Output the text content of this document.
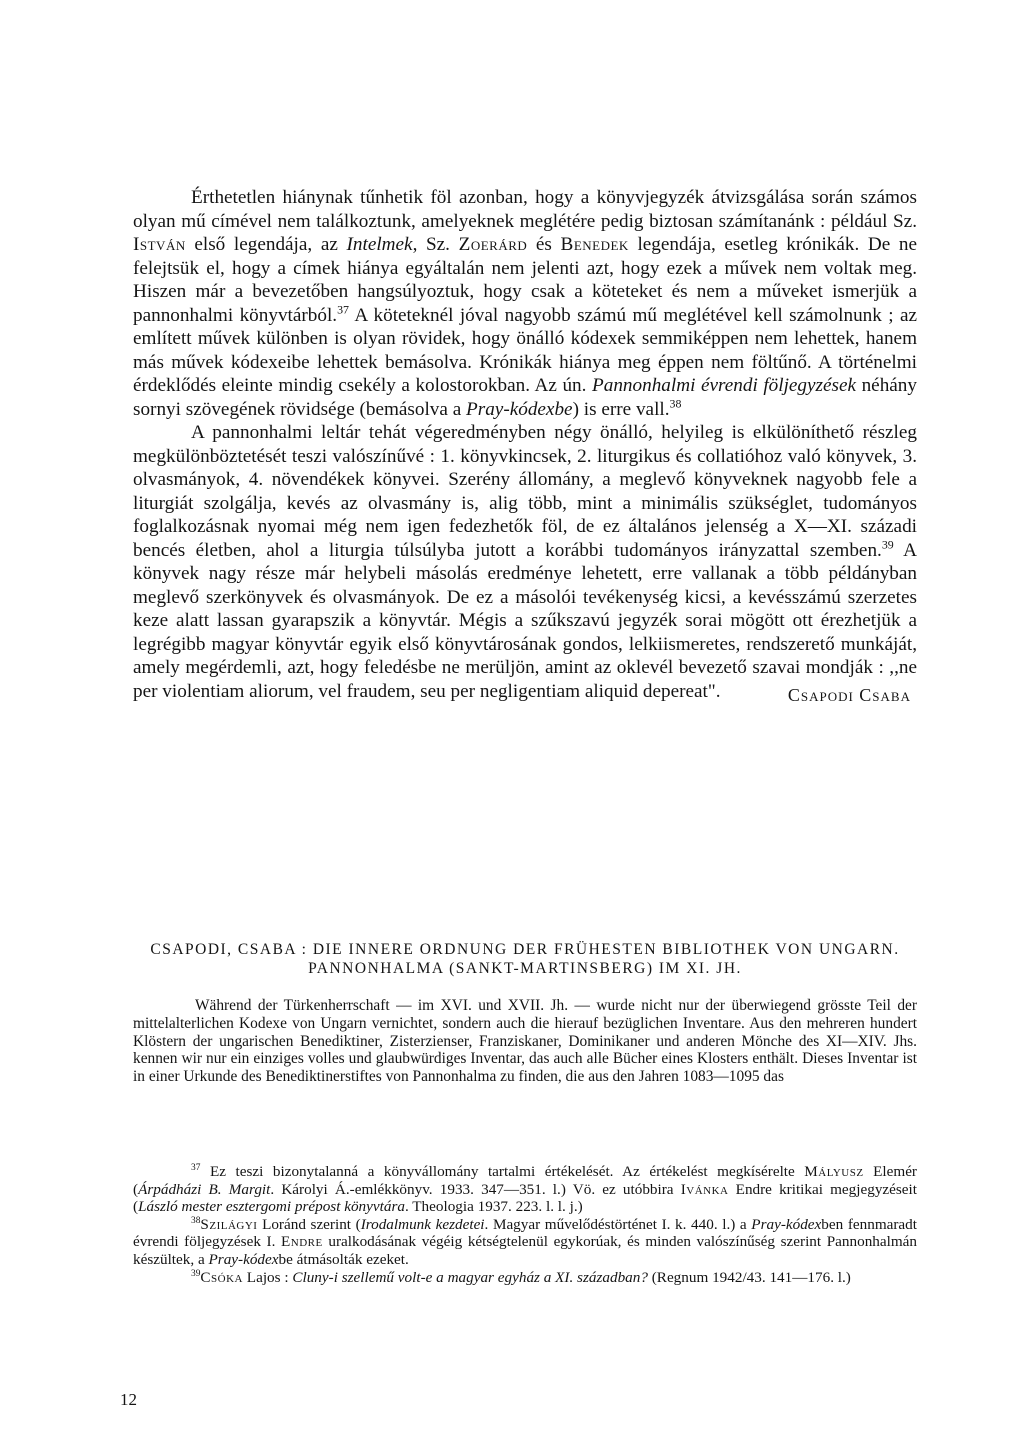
Érthetetlen hiánynak tűnhetik föl azonban, hogy a könyvjegyzék átvizsgálása során számos olyan mű címével nem találkoztunk, amelyeknek meglétére pedig biztosan számítanánk : például Sz. István első legendája, az Intelmek, Sz. Zoerárd és Benedek legendája, esetleg krónikák. De ne felejtsük el, hogy a címek hiánya egyáltalán nem jelenti azt, hogy ezek a művek nem voltak meg. Hiszen már a bevezetőben hangsúlyoztuk, hogy csak a köteteket és nem a műveket ismerjük a pannonhalmi könyvtárból.$^{37}$ A köteteknél jóval nagyobb számú mű meglétével kell számolnunk ; az említett művek különben is olyan rövidek, hogy önálló kódexek semmiképpen nem lehettek, hanem más művek kódexeibe lehettek bemásolva. Krónikák hiánya meg éppen nem föltűnő. A történelmi érdeklődés eleinte mindig csekély a kolostorokban. Az ún. Pannonhalmi évrendi följegyzések néhány sornyi szövegének rövidsége (bemásolva a Pray-kódexbe) is erre vall.$^{38}$

A pannonhalmi leltár tehát végeredményben négy önálló, helyileg is elkülöníthető részleg megkülönböztetését teszi valószínűvé : 1. könyvkincsek, 2. liturgikus és collatióhoz való könyvek, 3. olvasmányok, 4. növendékek könyvei. Szerény állomány, a meglevő könyveknek nagyobb fele a liturgiát szolgálja, kevés az olvasmány is, alig több, mint a minimális szükséglet, tudományos foglalkozásnak nyomai még nem igen fedezhetők föl, de ez általános jelenség a X—XI. századi bencés életben, ahol a liturgia túlsúlyba jutott a korábbi tudományos irányzattal szemben.$^{39}$ A könyvek nagy része már helybeli másolás eredménye lehetett, erre vallanak a több példányban meglevő szerkönyvek és olvasmányok. De ez a másolói tevékenység kicsi, a kevésszámú szerzetes keze alatt lassan gyarapszik a könyvtár. Mégis a szűkszavú jegyzék sorai mögött ott érezhetjük a legrégibb magyar könyvtár egyik első könyvtárosának gondos, lelkiismeretes, rendszerető munkáját, amely megérdemli, azt, hogy feledésbe ne merüljön, amint az oklevél bevezető szavai mondják : ,,ne per violentiam aliorum, vel fraudem, seu per negligentiam aliquid depereat".	Csapodi Csaba
CSAPODI, CSABA : DIE INNERE ORDNUNG DER FRÜHESTEN BIBLIOTHEK VON UNGARN. PANNONHALMA (SANKT-MARTINSBERG) IM XI. JH.

Während der Türkenherrschaft — im XVI. und XVII. Jh. — wurde nicht nur der überwiegend grösste Teil der mittelalterlichen Kodexe von Ungarn vernichtet, sondern auch die hierauf bezüglichen Inventare. Aus den mehreren hundert Klöstern der ungarischen Benediktiner, Zisterzienser, Franziskaner, Dominikaner und anderen Mönche des XI—XIV. Jhs. kennen wir nur ein einziges volles und glaubwürdiges Inventar, das auch alle Bücher eines Klosters enthält. Dieses Inventar ist in einer Urkunde des Benediktinerstiftes von Pannonhalma zu finden, die aus den Jahren 1083—1095 das

$^{37}$ Ez teszi bizonytalanná a könyvállomány tartalmi értékelését. Az értékelést megkísérelte Mályusz Elemér (Árpádházi B. Margit. Károlyi Á.-emlékkönyv. 1933. 347—351. l.) Vö. ez utóbbira Ivánka Endre kritikai megjegyzéseit (László mester esztergomi prépost könyvtára. Theologia 1937. 223. l. l. j.)

$^{38}$Szilágyi Loránd szerint (Irodalmunk kezdetei. Magyar művelődéstörténet I. k. 440. l.) a Pray-kódexben fennmaradt évrendi följegyzések I. Endre uralkodásának végéig kétségtelenül egykorúak, és minden valószínűség szerint Pannonhalmán készültek, a Pray-kódexbe átmásolták ezeket.

$^{39}$Csóka Lajos : Cluny-i szellemű volt-e a magyar egyház a XI. században? (Regnum 1942/43. 141—176. l.)

12
